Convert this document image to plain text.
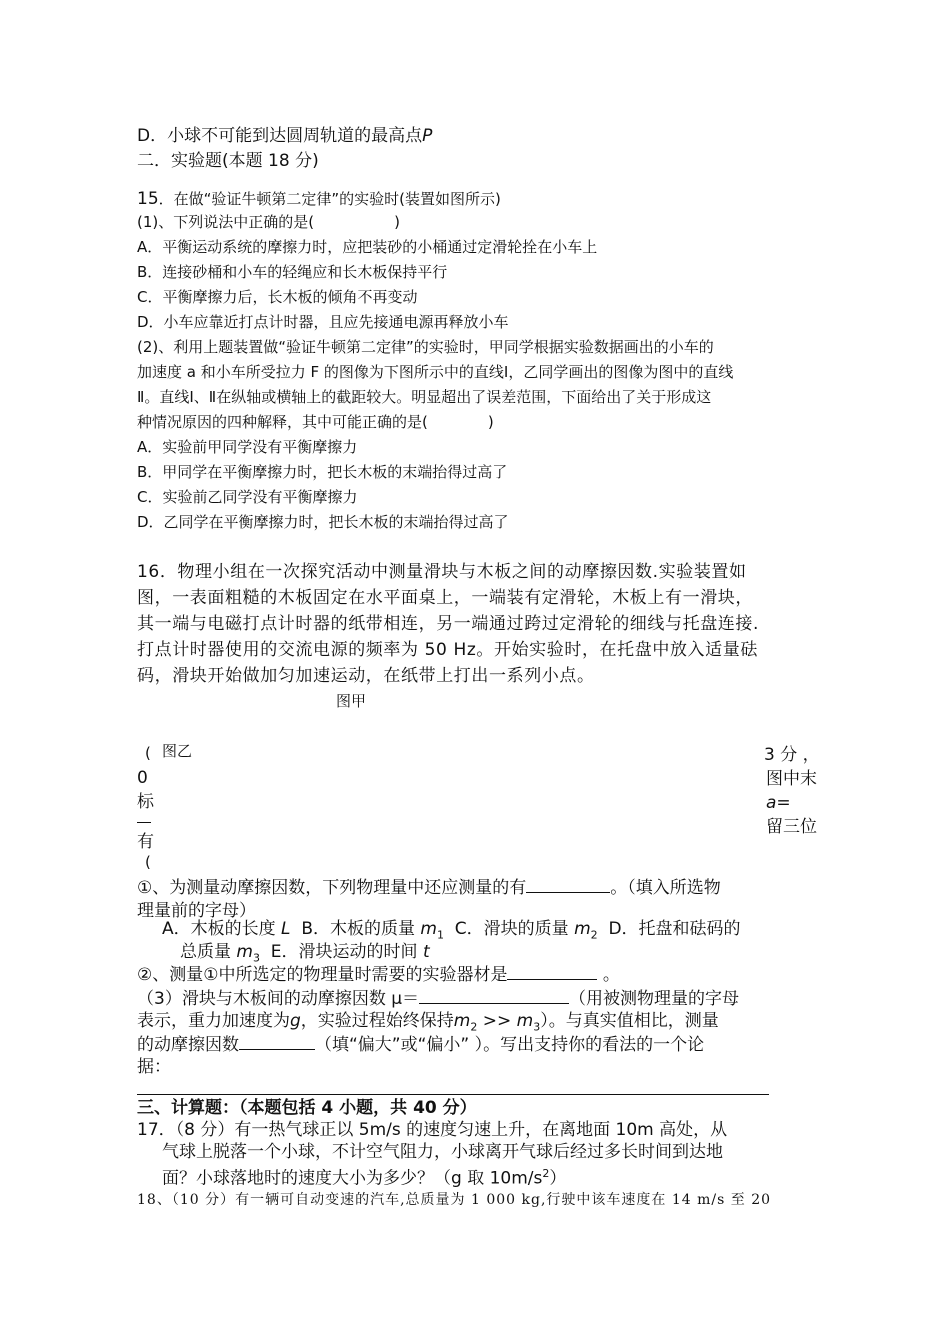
D．小球不可能到达圆周轨道的最高点P
二．实验题(本题 18 分)
15．在做“验证牛顿第二定律”的实验时(装置如图所示)
(1)、下列说法中正确的是(	)
A．平衡运动系统的摩擦力时，应把装砂的小桶通过定滑轮拴在小车上
B．连接砂桶和小车的轻绳应和长木板保持平行
C．平衡摩擦力后，长木板的倾角不再变动
D．小车应靠近打点计时器，且应先接通电源再释放小车
(2)、利用上题装置做“验证牛顿第二定律”的实验时，甲同学根据实验数据画出的小车的
加速度 a 和小车所受拉力 F 的图像为下图所示中的直线Ⅰ，乙同学画出的图像为图中的直线
Ⅱ。直线Ⅰ、Ⅱ在纵轴或横轴上的截距较大。明显超出了误差范围，下面给出了关于形成这
种情况原因的四种解释，其中可能正确的是(	)
A．实验前甲同学没有平衡摩擦力
B．甲同学在平衡摩擦力时，把长木板的末端抬得过高了
C．实验前乙同学没有平衡摩擦力
D．乙同学在平衡摩擦力时，把长木板的末端抬得过高了
16．物理小组在一次探究活动中测量滑块与木板之间的动摩擦因数.实验装置如
图，一表面粗糙的木板固定在水平面桌上，一端装有定滑轮，木板上有一滑块，
其一端与电磁打点计时器的纸带相连，另一端通过跨过定滑轮的细线与托盘连接.
打点计时器使用的交流电源的频率为 50 Hz。开始实验时，在托盘中放入适量砝
码，滑块开始做加匀加速运动，在纸带上打出一系列小点。
图甲
( 图乙
0
标
有
(
3 分 ，
图中末
a=
留三位
①、为测量动摩擦因数，下列物理量中还应测量的有	。（填入所选物
理量前的字母）
A．木板的长度 L B．木板的质量 $m_1$ C．滑块的质量 $m_2$ D．托盘和砝码的
总质量 $m_3$ E．滑块运动的时间 t
②、测量①中所选定的物理量时需要的实验器材是	。
（3）滑块与木板间的动摩擦因数 μ＝	（用被测物理量的字母
表示，重力加速度为g，实验过程始终保持$m_2 >> m_3$）。与真实值相比，测量
的动摩擦因数	（填“偏大”或“偏小” ）。写出支持你的看法的一个论
据：
三、计算题：（本题包括 4 小题，共 40 分）
17．（8 分）有一热气球正以 5m/s 的速度匀速上升，在离地面 10m 高处，从
气球上脱落一个小球，不计空气阻力，小球离开气球后经过多长时间到达地
面？小球落地时的速度大小为多少？（g 取 $10m/s^2$）
18、（10 分）有一辆可自动变速的汽车,总质量为 1 000 kg,行驶中该车速度在 14 m/s 至 20
